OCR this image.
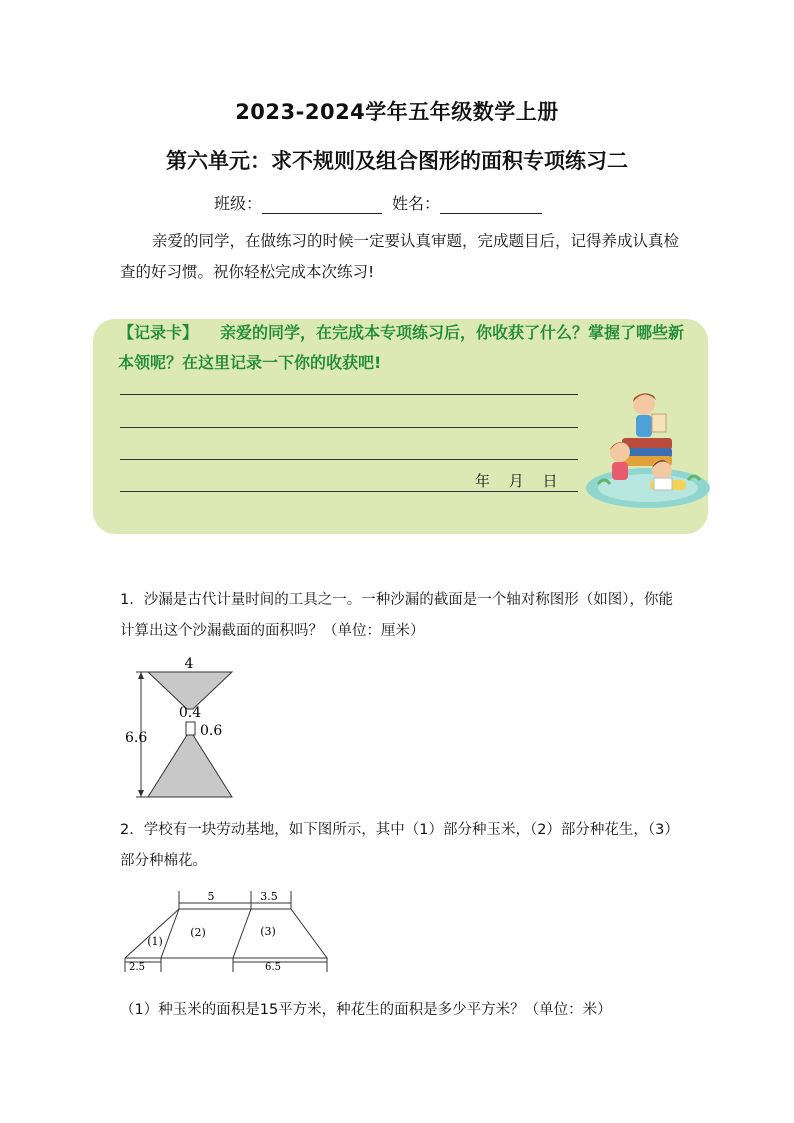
2023-2024学年五年级数学上册
第六单元：求不规则及组合图形的面积专项练习二
班级：	姓名：
亲爱的同学，在做练习的时候一定要认真审题，完成题目后，记得养成认真检查的好习惯。祝你轻松完成本次练习!
【记录卡】 亲爱的同学，在完成本专项练习后，你收获了什么？掌握了哪些新本领呢？在这里记录一下你的收获吧!
年 月 日
1．沙漏是古代计量时间的工具之一。一种沙漏的截面是一个轴对称图形（如图），你能计算出这个沙漏截面的面积吗？（单位：厘米）
4
0.4
0.6
6.6
2．学校有一块劳动基地，如下图所示，其中（1）部分种玉米，（2）部分种花生，（3）部分种棉花。
5	3.5
(1)
(2)	(3)
2.5	6.5
（1）种玉米的面积是15平方米，种花生的面积是多少平方米？（单位：米）
